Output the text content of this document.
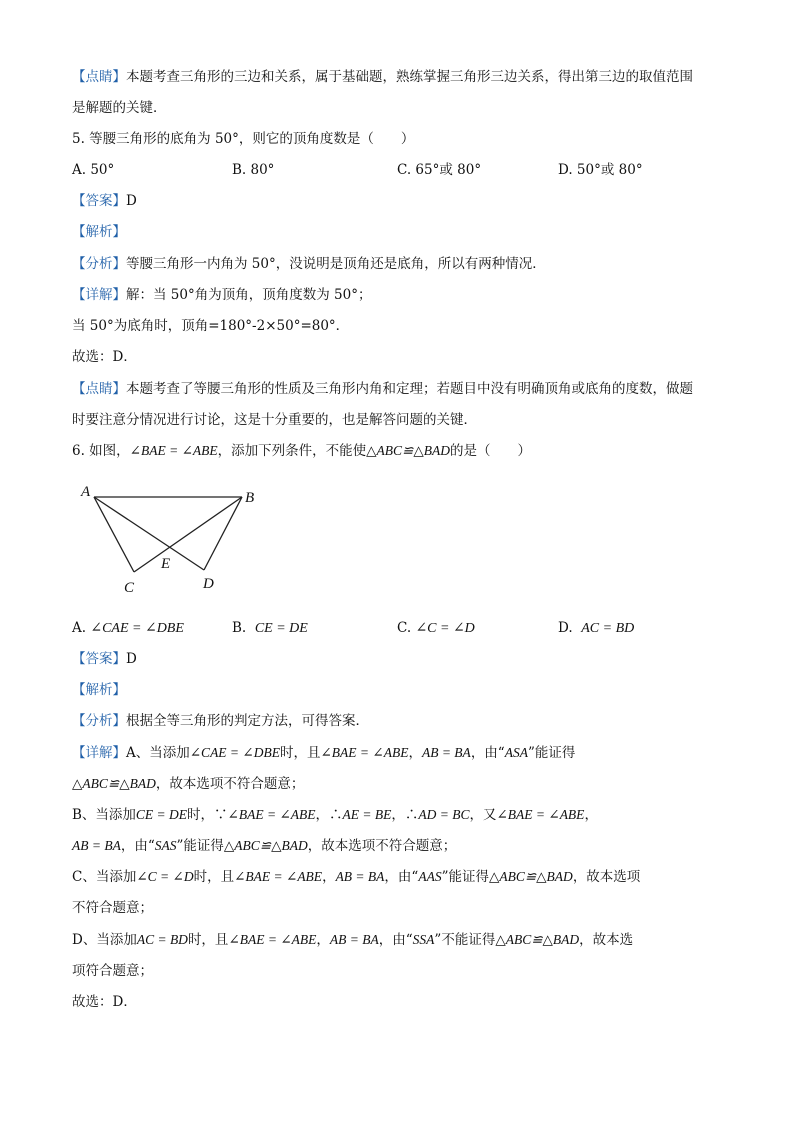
【点睛】本题考查三角形的三边和关系，属于基础题，熟练掌握三角形三边关系，得出第三边的取值范围
是解题的关键．
5. 等腰三角形的底角为 50°，则它的顶角度数是（　　）
A. 50°	B. 80°	C. 65°或 80°	D. 50°或 80°
【答案】D
【解析】
【分析】等腰三角形一内角为 50°，没说明是顶角还是底角，所以有两种情况．
【详解】解：当 50°角为顶角，顶角度数为 50°；
当 50°为底角时，顶角=180°-2×50°=80°．
故选：D．
【点睛】本题考查了等腰三角形的性质及三角形内角和定理；若题目中没有明确顶角或底角的度数，做题
时要注意分情况进行讨论，这是十分重要的，也是解答问题的关键．
6. 如图，∠BAE = ∠ABE，添加下列条件，不能使△ABC≌△BAD的是（　　）
A	B
C	D
E
A. ∠CAE = ∠DBE	B. CE = DE	C. ∠C = ∠D	D. AC = BD
【答案】D
【解析】
【分析】根据全等三角形的判定方法，可得答案．
【详解】A、当添加∠CAE = ∠DBE时，且∠BAE = ∠ABE，AB = BA，由“ASA”能证得
△ABC≌△BAD，故本选项不符合题意；
B、当添加CE = DE时，∵∠BAE = ∠ABE，∴AE = BE，∴AD = BC，又∠BAE = ∠ABE，
AB = BA，由“SAS”能证得△ABC≌△BAD，故本选项不符合题意；
C、当添加∠C = ∠D时，且∠BAE = ∠ABE，AB = BA，由“AAS”能证得△ABC≌△BAD，故本选项
不符合题意；
D、当添加AC = BD时，且∠BAE = ∠ABE，AB = BA，由“SSA”不能证得△ABC≌△BAD，故本选
项符合题意；
故选：D．
